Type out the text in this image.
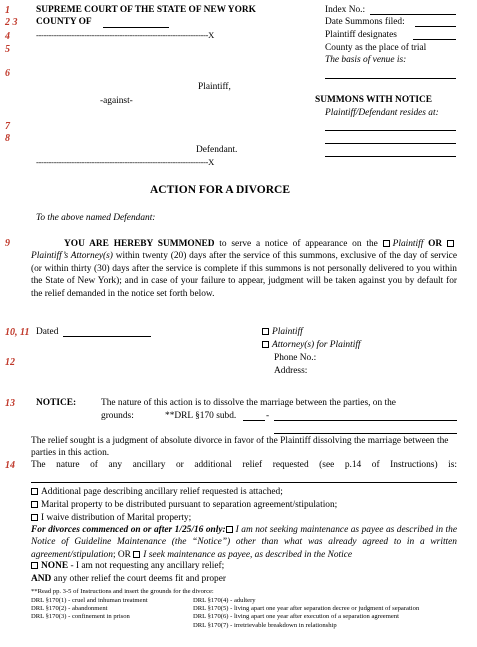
1
2 3
4
5
6
7
8
9
10, 11
12
13
14
SUPREME COURT OF THE STATE OF NEW YORK
COUNTY OF
--------------------------------------------------------------------X
Plaintiff,
-against-
Defendant.
--------------------------------------------------------------------X
Index No.:
Date Summons filed:
Plaintiff designates
County as the place of trial
The basis of venue is:
SUMMONS WITH NOTICE
Plaintiff/Defendant resides at:
ACTION FOR A DIVORCE
To the above named Defendant:
YOU ARE HEREBY SUMMONED to serve a notice of appearance on the Plaintiff OR Plaintiff’s Attorney(s) within twenty (20) days after the service of this summons, exclusive of the day of service (or within thirty (30) days after the service is complete if this summons is not personally delivered to you within the State of New York); and in case of your failure to appear, judgment will be taken against you by default for the relief demanded in the notice set forth below.
Dated	Plaintiff
Attorney(s) for Plaintiff
Phone No.:
Address:
NOTICE:	The nature of this action is to dissolve the marriage between the parties, on the
grounds:	**DRL §170 subd.	-
The relief sought is a judgment of absolute divorce in favor of the Plaintiff dissolving the marriage between the parties in this action.
The nature of any ancillary or additional relief requested (see p.14 of Instructions) is:
Additional page describing ancillary relief requested is attached;
Marital property to be distributed pursuant to separation agreement/stipulation;
I waive distribution of Marital property;
For divorces commenced on or after 1/25/16 only: I am not seeking maintenance as payee as described in the Notice of Guideline Maintenance (the “Notice”) other than what was already agreed to in a written agreement/stipulation; OR I seek maintenance as payee, as described in the Notice
NONE - I am not requesting any ancillary relief;
AND any other relief the court deems fit and proper
**Read pp. 3-5 of Instructions and insert the grounds for the divorce:
DRL §170(1) - cruel and inhuman treatment
DRL §170(2) - abandonment
DRL §170(3) - confinement in prison
DRL §170(4) - adultery
DRL §170(5) - living apart one year after separation decree or judgment of separation
DRL §170(6) - living apart one year after execution of a separation agreement
DRL §170(7) - irretrievable breakdown in relationship
